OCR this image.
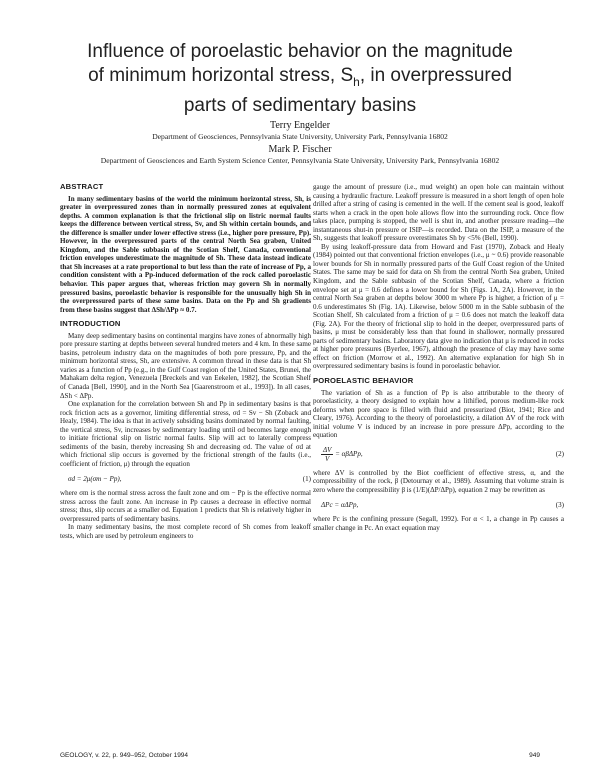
Influence of poroelastic behavior on the magnitude
of minimum horizontal stress, $S_h$, in overpressured
parts of sedimentary basins
Terry Engelder
Department of Geosciences, Pennsylvania State University, University Park, Pennsylvania 16802
Mark P. Fischer
Department of Geosciences and Earth System Science Center, Pennsylvania State University, University Park, Pennsylvania 16802
ABSTRACT

In many sedimentary basins of the world the minimum horizontal stress, Sh, is greater in overpressured zones than in normally pressured zones at equivalent depths. A common explanation is that the frictional slip on listric normal faults keeps the difference between vertical stress, Sv, and Sh within certain bounds, and the difference is smaller under lower effective stress (i.e., higher pore pressure, Pp). However, in the overpressured parts of the central North Sea graben, United Kingdom, and the Sable subbasin of the Scotian Shelf, Canada, conventional friction envelopes underestimate the magnitude of Sh. These data instead indicate that Sh increases at a rate proportional to but less than the rate of increase of Pp, a condition consistent with a Pp-induced deformation of the rock called poroelastic behavior. This paper argues that, whereas friction may govern Sh in normally pressured basins, poroelastic behavior is responsible for the unusually high Sh in the overpressured parts of these same basins. Data on the Pp and Sh gradients from these basins suggest that ΔSh/ΔPp ≈ 0.7.

INTRODUCTION

Many deep sedimentary basins on continental margins have zones of abnormally high pore pressure starting at depths between several hundred meters and 4 km. In these same basins, petroleum industry data on the magnitudes of both pore pressure, Pp, and the minimum horizontal stress, Sh, are extensive. A common thread in these data is that Sh varies as a function of Pp (e.g., in the Gulf Coast region of the United States, Brunei, the Mahakam delta region, Venezuela [Breckels and van Eekelen, 1982], the Scotian Shelf of Canada [Bell, 1990], and in the North Sea [Gaarenstroom et al., 1993]). In all cases, ΔSh < ΔPp.

One explanation for the correlation between Sh and Pp in sedimentary basins is that rock friction acts as a governor, limiting differential stress, σd = Sv − Sh (Zoback and Healy, 1984). The idea is that in actively subsiding basins dominated by normal faulting, the vertical stress, Sv, increases by sedimentary loading until σd becomes large enough to initiate frictional slip on listric normal faults. Slip will act to laterally compress sediments of the basin, thereby increasing Sh and decreasing σd. The value of σd at which frictional slip occurs is governed by the frictional strength of the faults (i.e., coefficient of friction, μ) through the equation

σd = 2μ(σm − Pp),	(1)

where σm is the normal stress across the fault zone and σm − Pp is the effective normal stress across the fault zone. An increase in Pp causes a decrease in effective normal stress; thus, slip occurs at a smaller σd. Equation 1 predicts that Sh is relatively higher in overpressured parts of sedimentary basins.

In many sedimentary basins, the most complete record of Sh comes from leakoff tests, which are used by petroleum engineers to

gauge the amount of pressure (i.e., mud weight) an open hole can maintain without causing a hydraulic fracture. Leakoff pressure is measured in a short length of open hole drilled after a string of casing is cemented in the well. If the cement seal is good, leakoff starts when a crack in the open hole allows flow into the surrounding rock. Once flow takes place, pumping is stopped, the well is shut in, and another pressure reading—the instantaneous shut-in pressure or ISIP—is recorded. Data on the ISIP, a measure of the Sh, suggests that leakoff pressure overestimates Sh by <5% (Bell, 1990).

By using leakoff-pressure data from Howard and Fast (1970), Zoback and Healy (1984) pointed out that conventional friction envelopes (i.e., μ ~ 0.6) provide reasonable lower bounds for Sh in normally pressured parts of the Gulf Coast region of the United States. The same may be said for data on Sh from the central North Sea graben, United Kingdom, and the Sable subbasin of the Scotian Shelf, Canada, where a friction envelope set at μ = 0.6 defines a lower bound for Sh (Figs. 1A, 2A). However, in the central North Sea graben at depths below 3000 m where Pp is higher, a friction of μ = 0.6 underestimates Sh (Fig. 1A). Likewise, below 5000 m in the Sable subbasin of the Scotian Shelf, Sh calculated from a friction of μ = 0.6 does not match the leakoff data (Fig. 2A). For the theory of frictional slip to hold in the deeper, overpressured parts of basins, μ must be considerably less than that found in shallower, normally pressured parts of sedimentary basins. Laboratory data give no indication that μ is reduced in rocks at higher pore pressures (Byerlee, 1967), although the presence of clay may have some effect on friction (Morrow et al., 1992). An alternative explanation for high Sh in overpressured sedimentary basins is found in poroelastic behavior.

POROELASTIC BEHAVIOR

The variation of Sh as a function of Pp is also attributable to the theory of poroelasticity, a theory designed to explain how a lithified, porous medium-like rock deforms when pore space is filled with fluid and pressurized (Biot, 1941; Rice and Cleary, 1976). According to the theory of poroelasticity, a dilation ΔV of the rock with initial volume V is induced by an increase in pore pressure ΔPp, according to the equation

$\frac{\Delta V}{V} = \alpha\beta\Delta Pp$,	(2)

where ΔV is controlled by the Biot coefficient of effective stress, α, and the compressibility of the rock, β (Detournay et al., 1989). Assuming that volume strain is zero where the compressibility β is (1/E)(ΔP/ΔPp), equation 2 may be rewritten as

ΔPc = αΔPp,	(3)

where Pc is the confining pressure (Segall, 1992). For α < 1, a change in Pp causes a smaller change in Pc. An exact equation may

GEOLOGY, v. 22, p. 949–952, October 1994	949
